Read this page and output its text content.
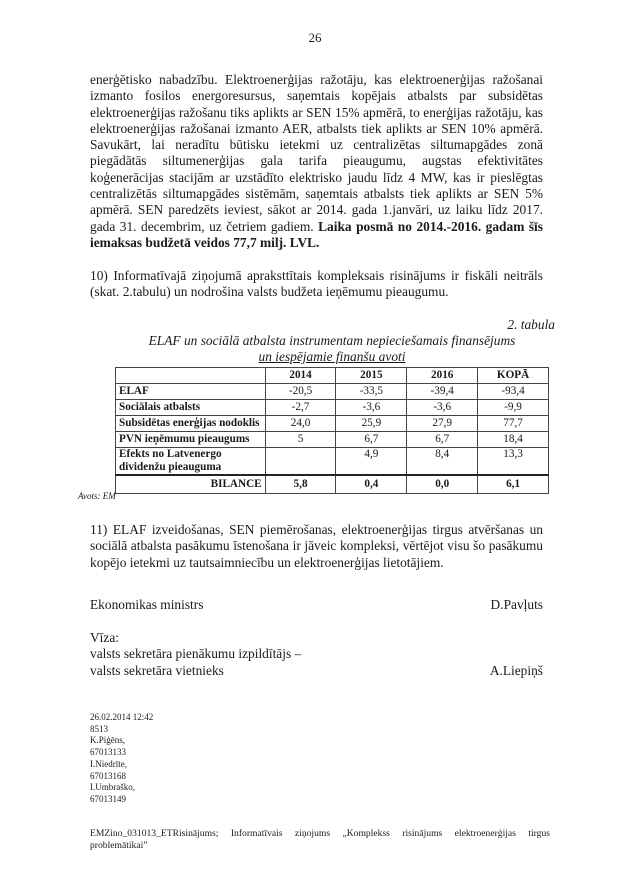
26
enerģētisko nabadzību. Elektroenerģijas ražotāju, kas elektroenerģijas ražošanai izmanto fosilos energoresursus, saņemtais kopējais atbalsts par subsidētas elektroenerģijas ražošanu tiks aplikts ar SEN 15% apmērā, to enerģijas ražotāju, kas elektroenerģijas ražošanai izmanto AER, atbalsts tiek aplikts ar SEN 10% apmērā. Savukārt, lai neradītu būtisku ietekmi uz centralizētas siltumapgādes zonā piegādātās siltumenerģijas gala tarifa pieaugumu, augstas efektivitātes koģenerācijas stacijām ar uzstādīto elektrisko jaudu līdz 4 MW, kas ir pieslēgtas centralizētās siltumapgādes sistēmām, saņemtais atbalsts tiek aplikts ar SEN 5% apmērā. SEN paredzēts ieviest, sākot ar 2014. gada 1.janvāri, uz laiku līdz 2017. gada 31. decembrim, uz četriem gadiem. Laika posmā no 2014.-2016. gadam šīs iemaksas budžetā veidos 77,7 milj. LVL.
10) Informatīvajā ziņojumā apraksttītais kompleksais risinājums ir fiskāli neitrāls (skat. 2.tabulu) un nodrošina valsts budžeta ieņēmumu pieaugumu.
2. tabula
ELAF un sociālā atbalsta instrumentam nepieciešamais finansējums
un iespējamie finanšu avoti
	2014	2015	2016	KOPĀ
ELAF	-20,5	-33,5	-39,4	-93,4
Sociālais atbalsts	-2,7	-3,6	-3,6	-9,9
Subsidētas enerģijas nodoklis	24,0	25,9	27,9	77,7
PVN ieņēmumu pieaugums	5	6,7	6,7	18,4
Efekts no Latvenergo dividenžu pieauguma		4,9	8,4	13,3
BILANCE	5,8	0,4	0,0	6,1
Avots: EM
11) ELAF izveidošanas, SEN piemērošanas, elektroenerģijas tirgus atvēršanas un sociālā atbalsta pasākumu īstenošana ir jāveic kompleksi, vērtējot visu šo pasākumu kopējo ietekmi uz tautsaimniecību un elektroenerģijas lietotājiem.
Ekonomikas ministrs	D.Pavļuts
Vīza:
valsts sekretāra pienākumu izpildītājs –
valsts sekretāra vietnieks	A.Liepiņš
26.02.2014 12:42
8513
K.Piģēns,
67013133
I.Niedrīte,
67013168
I.Umbraško,
67013149
EMZino_031013_ETRisinājums; Informatīvais ziņojums „Komplekss risinājums elektroenerģijas tirgus
problemātikai”
